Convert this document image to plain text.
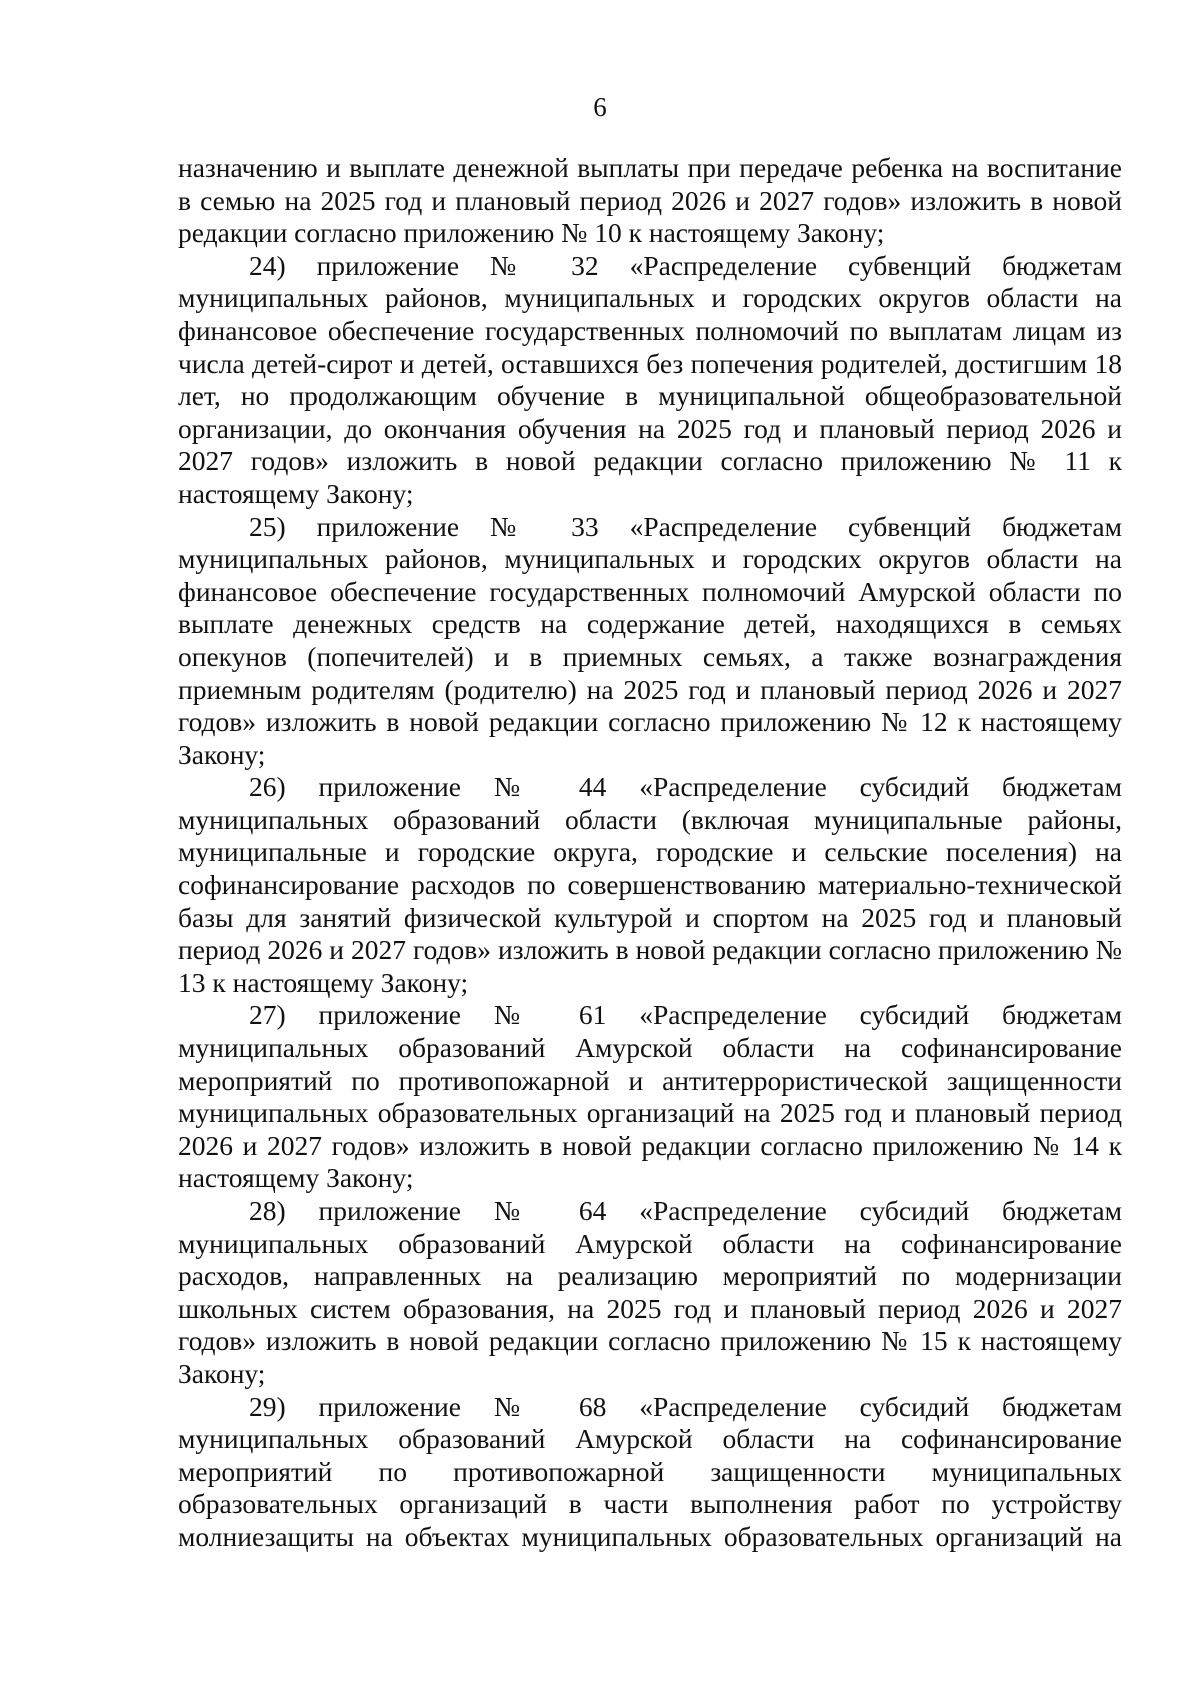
6

назначению и выплате денежной выплаты при передаче ребенка на воспитание в семью на 2025 год и плановый период 2026 и 2027 годов» изложить в новой редакции согласно приложению № 10 к настоящему Закону;

24) приложение № 32 «Распределение субвенций бюджетам муниципальных районов, муниципальных и городских округов области на финансовое обеспечение государственных полномочий по выплатам лицам из числа детей-сирот и детей, оставшихся без попечения родителей, достигшим 18 лет, но продолжающим обучение в муниципальной общеобразовательной организации, до окончания обучения на 2025 год и плановый период 2026 и 2027 годов» изложить в новой редакции согласно приложению № 11 к настоящему Закону;

25) приложение № 33 «Распределение субвенций бюджетам муниципальных районов, муниципальных и городских округов области на финансовое обеспечение государственных полномочий Амурской области по выплате денежных средств на содержание детей, находящихся в семьях опекунов (попечителей) и в приемных семьях, а также вознаграждения приемным родителям (родителю) на 2025 год и плановый период 2026 и 2027 годов» изложить в новой редакции согласно приложению № 12 к настоящему Закону;

26) приложение № 44 «Распределение субсидий бюджетам муниципальных образований области (включая муниципальные районы, муниципальные и городские округа, городские и сельские поселения) на софинансирование расходов по совершенствованию материально-технической базы для занятий физической культурой и спортом на 2025 год и плановый период 2026 и 2027 годов» изложить в новой редакции согласно приложению № 13 к настоящему Закону;

27) приложение № 61 «Распределение субсидий бюджетам муниципальных образований Амурской области на софинансирование мероприятий по противопожарной и антитеррористической защищенности муниципальных образовательных организаций на 2025 год и плановый период 2026 и 2027 годов» изложить в новой редакции согласно приложению № 14 к настоящему Закону;

28) приложение № 64 «Распределение субсидий бюджетам муниципальных образований Амурской области на софинансирование расходов, направленных на реализацию мероприятий по модернизации школьных систем образования, на 2025 год и плановый период 2026 и 2027 годов» изложить в новой редакции согласно приложению № 15 к настоящему Закону;

29) приложение № 68 «Распределение субсидий бюджетам муниципальных образований Амурской области на софинансирование мероприятий по противопожарной защищенности муниципальных образовательных организаций в части выполнения работ по устройству молниезащиты на объектах муниципальных образовательных организаций на
